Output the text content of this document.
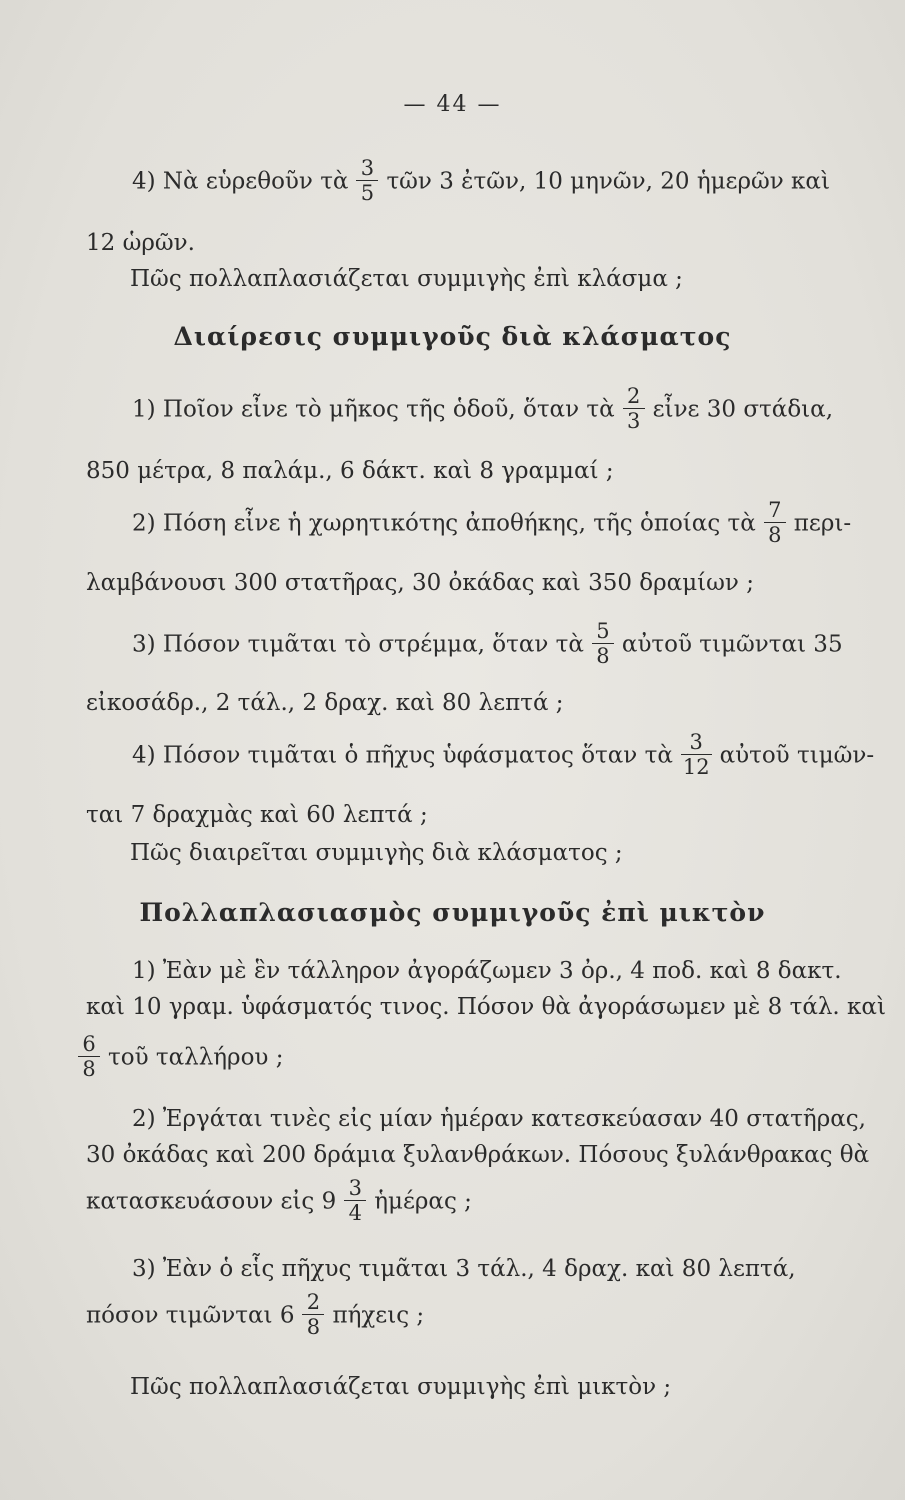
— 44 —
4) Νὰ εὑρεθοῦν τὰ $\frac{3}{5}$ τῶν 3 ἐτῶν, 10 μηνῶν, 20 ἡμερῶν καὶ
12 ὡρῶν.
Πῶς πολλαπλασιάζεται συμμιγὴς ἐπὶ κλάσμα ;
Διαίρεσις συμμιγοῦς διὰ κλάσματος
1) Ποῖον εἶνε τὸ μῆκος τῆς ὁδοῦ, ὅταν τὰ $\frac{2}{3}$ εἶνε 30 στάδια,
850 μέτρα, 8 παλάμ., 6 δάκτ. καὶ 8 γραμμαί ;
2) Πόση εἶνε ἡ χωρητικότης ἀποθήκης, τῆς ὁποίας τὰ $\frac{7}{8} \pi\varepsilon\rho\iota-$
λαμβάνουσι 300 στατῆρας, 30 ὀκάδας καὶ 350 δραμίων ;
3) Πόσον τιμᾶται τὸ στρέμμα, ὅταν τὰ $\frac{5}{8}$ αὐτοῦ τιμῶνται 35
εἰκοσάδρ., 2 τάλ., 2 δραχ. καὶ 80 λεπτά ;
4) Πόσον τιμᾶται ὁ πῆχυς ὑφάσματος ὅταν τὰ $\frac{3}{12}$ αὐτοῦ τιμῶν-
ται 7 δραχμὰς καὶ 60 λεπτά ;
Πῶς διαιρεῖται συμμιγὴς διὰ κλάσματος ;
Πολλαπλασιασμὸς συμμιγοῦς ἐπὶ μικτὸν
1) Ἐὰν μὲ ἓν τάλληρον ἀγοράζωμεν 3 ὀρ., 4 ποδ. καὶ 8 δακτ.
καὶ 10 γραμ. ὑφάσματός τινος. Πόσον θὰ ἀγοράσωμεν μὲ 8 τάλ. καὶ
$\frac{6}{8}$ τοῦ ταλλήρου ;
2) Ἐργάται τινὲς εἰς μίαν ἡμέραν κατεσκεύασαν 40 στατῆρας,
30 ὀκάδας καὶ 200 δράμια ξυλανθράκων. Πόσους ξυλάνθρακας θὰ
κατασκευάσουν εἰς $9 \frac{3}{4}$ ἡμέρας ;
3) Ἐὰν ὁ εἷς πῆχυς τιμᾶται 3 τάλ., 4 δραχ. καὶ 80 λεπτά,
πόσον τιμῶνται $6 \frac{2}{8}$ πήχεις ;
Πῶς πολλαπλασιάζεται συμμιγὴς ἐπὶ μικτὸν ;
